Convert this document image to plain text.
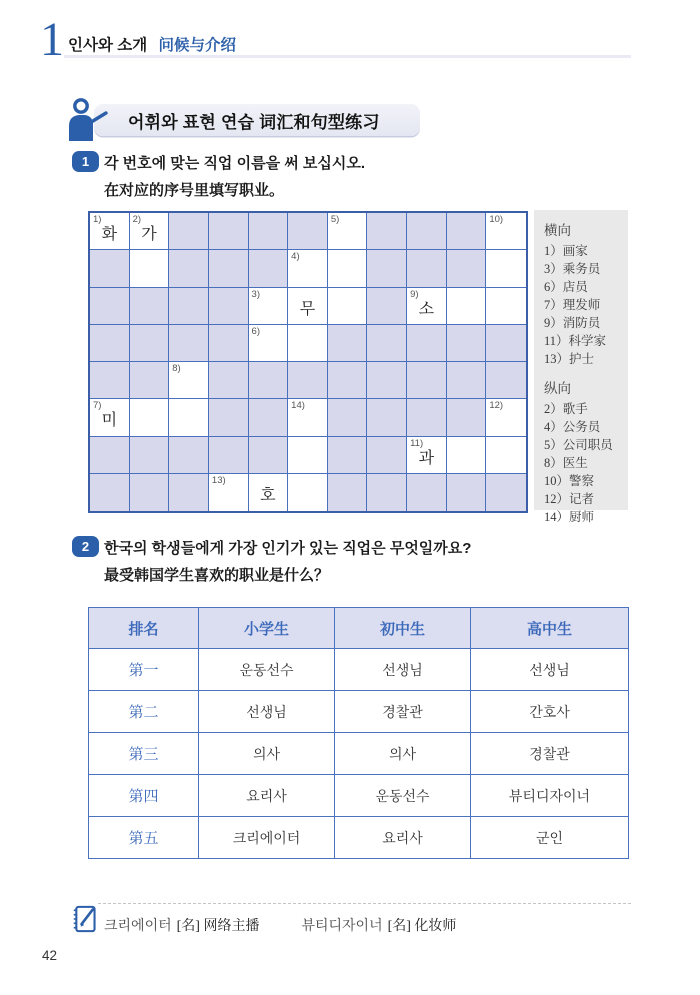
1 인사와 소개 问候与介绍
어휘와 표현 연습 词汇和句型练习
1 각 번호에 맞는 직업 이름을 써 보십시오.
在对应的序号里填写职业。
1)
화
2)
가
5)	10)
4)
3)
무
9)
소
6)
8)
7)
미
14)	12)
11)
과
13)
호
横向
1）画家
3）乘务员
6）店员
7）理发师
9）消防员
11）科学家
13）护士
纵向
2）歌手
4）公务员
5）公司职员
8）医生
10）警察
12）记者
14）厨师
2 한국의 학생들에게 가장 인기가 있는 직업은 무엇일까요?
最受韩国学生喜欢的职业是什么？
排名	小学生	初中生	高中生
第一	운동선수	선생님	선생님
第二	선생님	경찰관	간호사
第三	의사	의사	경찰관
第四	요리사	운동선수	뷰티디자이너
第五	크리에이터	요리사	군인
크리에이터 [名] 网络主播	뷰티디자이너 [名] 化妆师
42
